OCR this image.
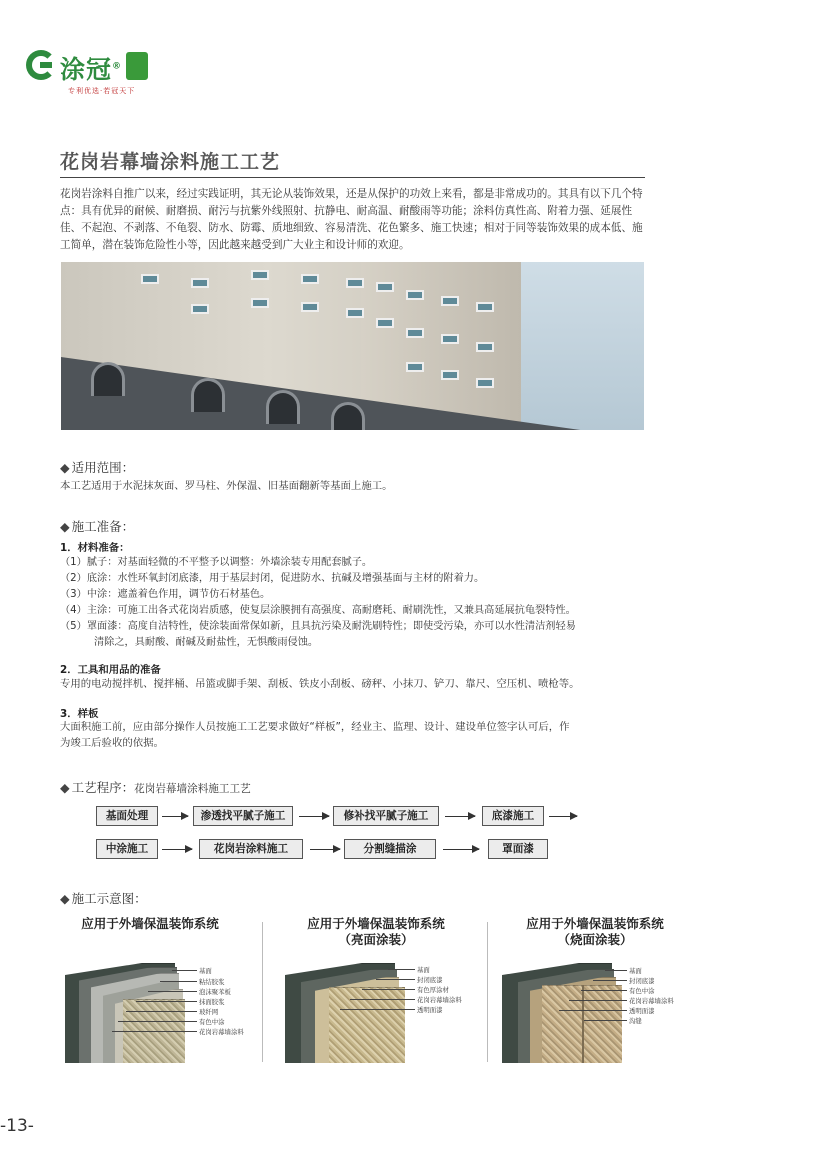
涂冠®
专利优选·若冠天下
花岗岩幕墙涂料施工工艺
花岗岩涂料自推广以来，经过实践证明，其无论从装饰效果，还是从保护的功效上来看，都是非常成功的。其具有以下几个特点：具有优异的耐候、耐磨损、耐污与抗紫外线照射、抗静电、耐高温、耐酸雨等功能；涂料仿真性高、附着力强、延展性佳、不起泡、不剥落、不龟裂、防水、防霉、质地细致、容易清洗、花色繁多、施工快速；相对于同等装饰效果的成本低、施工简单，潜在装饰危险性小等，因此越来越受到广大业主和设计师的欢迎。
◆ 适用范围：
本工艺适用于水泥抹灰面、罗马柱、外保温、旧基面翻新等基面上施工。
◆ 施工准备：
1．材料准备：
（1）腻子：对基面轻微的不平整予以调整：外墙涂装专用配套腻子。
（2）底涂：水性环氧封闭底漆，用于基层封闭，促进防水、抗碱及增强基面与主材的附着力。
（3）中涂：遮盖着色作用，调节仿石材基色。
（4）主涂：可施工出各式花岗岩质感，使复层涂膜拥有高强度、高耐磨耗、耐刷洗性，又兼具高延展抗龟裂特性。
（5）罩面漆：高度自洁特性，使涂装面常保如新，且具抗污染及耐洗刷特性；即使受污染，亦可以水性清洁剂轻易
清除之，具耐酸、耐碱及耐盐性，无惧酸雨侵蚀。
2．工具和用品的准备
专用的电动搅拌机、搅拌桶、吊篮或脚手架、刮板、铁皮小刮板、磅秤、小抹刀、铲刀、靠尺、空压机、喷枪等。
3．样板
大面积施工前，应由部分操作人员按施工工艺要求做好“样板”，经业主、监理、设计、建设单位签字认可后，作
为竣工后验收的依据。
◆ 工艺程序：花岗岩幕墙涂料施工工艺
基面处理	渗透找平腻子施工	修补找平腻子施工	底漆施工
中涂施工	花岗岩涂料施工	分割缝描涂	罩面漆
◆ 施工示意图：
应用于外墙保温装饰系统	应用于外墙保温装饰系统
（亮面涂装）
应用于外墙保温装饰系统
（烧面涂装）
基面
粘结胶浆
泡沫聚苯板
抹面胶浆
玻纤网
有色中涂
花岗岩幕墙涂料
基面
封闭底漆
有色厚涂材
花岗岩幕墙涂料
透明面漆
基面
封闭底漆
有色中涂
花岗岩幕墙涂料
透明面漆
沟缝
-13-
